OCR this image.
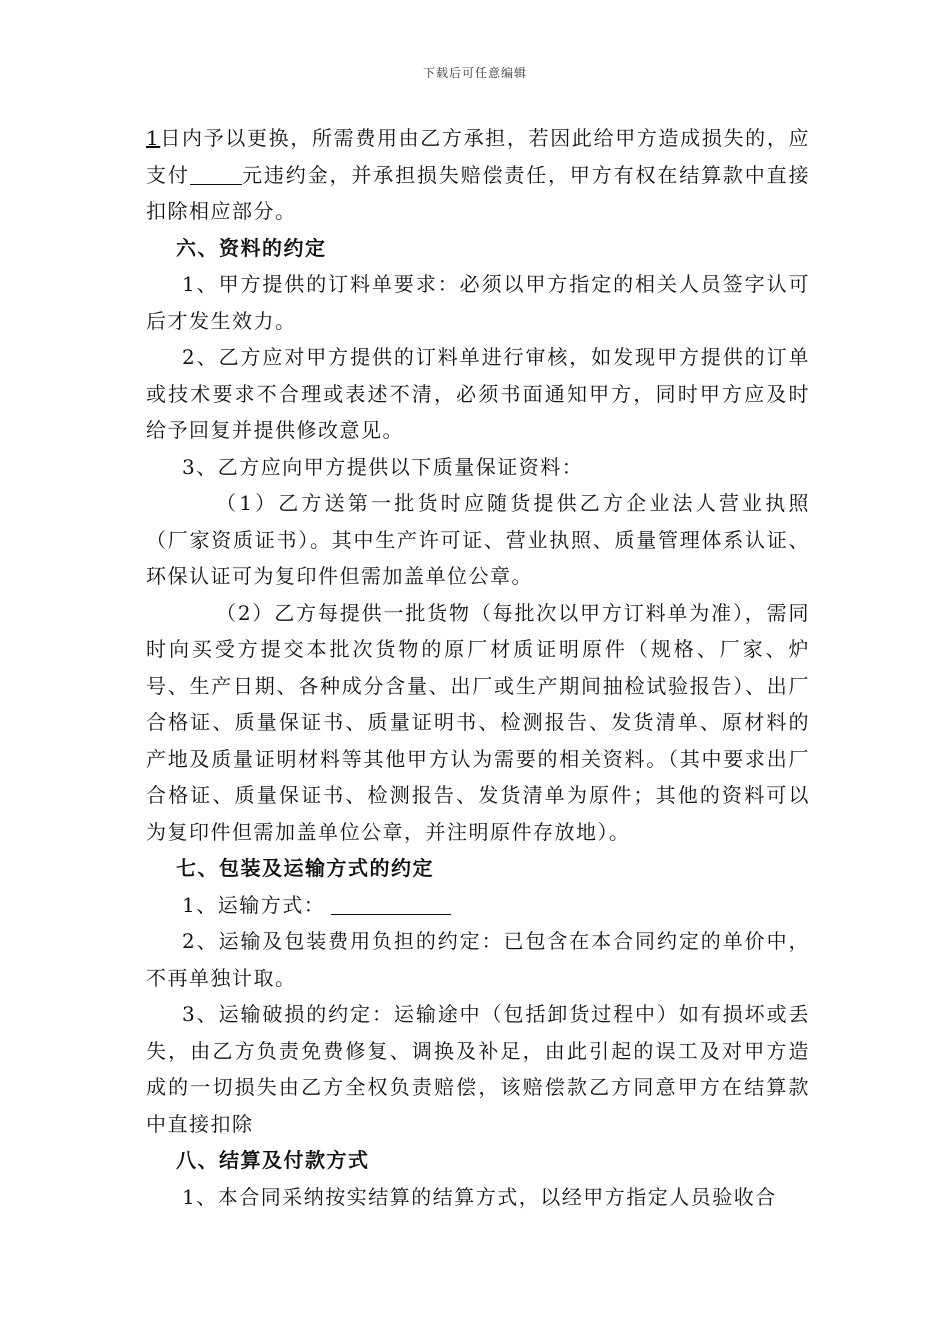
下载后可任意编辑

1日内予以更换，所需费用由乙方承担，若因此给甲方造成损失的，应支付	元违约金，并承担损失赔偿责任，甲方有权在结算款中直接扣除相应部分。

六、资料的约定

1、甲方提供的订料单要求：必须以甲方指定的相关人员签字认可后才发生效力。

2、乙方应对甲方提供的订料单进行审核，如发现甲方提供的订单或技术要求不合理或表述不清，必须书面通知甲方，同时甲方应及时给予回复并提供修改意见。

3、乙方应向甲方提供以下质量保证资料：

（1）乙方送第一批货时应随货提供乙方企业法人营业执照（厂家资质证书）。其中生产许可证、营业执照、质量管理体系认证、环保认证可为复印件但需加盖单位公章。

（2）乙方每提供一批货物（每批次以甲方订料单为准），需同时向买受方提交本批次货物的原厂材质证明原件（规格、厂家、炉号、生产日期、各种成分含量、出厂或生产期间抽检试验报告）、出厂合格证、质量保证书、质量证明书、检测报告、发货清单、原材料的产地及质量证明材料等其他甲方认为需要的相关资料。（其中要求出厂合格证、质量保证书、检测报告、发货清单为原件；其他的资料可以为复印件但需加盖单位公章，并注明原件存放地）。

七、包装及运输方式的约定

1、运输方式：

2、运输及包装费用负担的约定：已包含在本合同约定的单价中，不再单独计取。

3、运输破损的约定：运输途中（包括卸货过程中）如有损坏或丢失，由乙方负责免费修复、调换及补足，由此引起的误工及对甲方造成的一切损失由乙方全权负责赔偿，该赔偿款乙方同意甲方在结算款中直接扣除

八、结算及付款方式

1、本合同采纳按实结算的结算方式，以经甲方指定人员验收合
